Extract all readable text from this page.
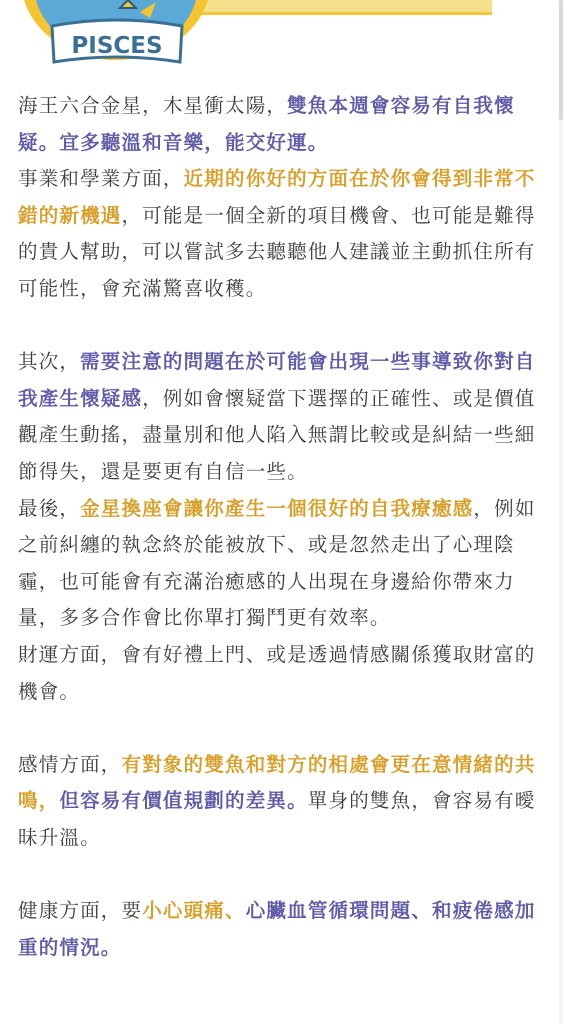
PISCES

海王六合金星，木星衝太陽，雙魚本週會容易有自我懷疑。宜多聽溫和音樂，能交好運。

事業和學業方面，近期的你好的方面在於你會得到非常不錯的新機遇，可能是一個全新的項目機會、也可能是難得的貴人幫助，可以嘗試多去聽聽他人建議並主動抓住所有可能性，會充滿驚喜收穫。

其次，需要注意的問題在於可能會出現一些事導致你對自我產生懷疑感，例如會懷疑當下選擇的正確性、或是價值觀產生動搖，盡量別和他人陷入無謂比較或是糾結一些細節得失，還是要更有自信一些。

最後，金星換座會讓你產生一個很好的自我療癒感，例如之前糾纏的執念終於能被放下、或是忽然走出了心理陰霾，也可能會有充滿治癒感的人出現在身邊給你帶來力量，多多合作會比你單打獨鬥更有效率。

財運方面，會有好禮上門、或是透過情感關係獲取財富的機會。

感情方面，有對象的雙魚和對方的相處會更在意情緒的共鳴，但容易有價值規劃的差異。單身的雙魚，會容易有曖昧升溫。

健康方面，要小心頭痛、心臟血管循環問題、和疲倦感加重的情況。
